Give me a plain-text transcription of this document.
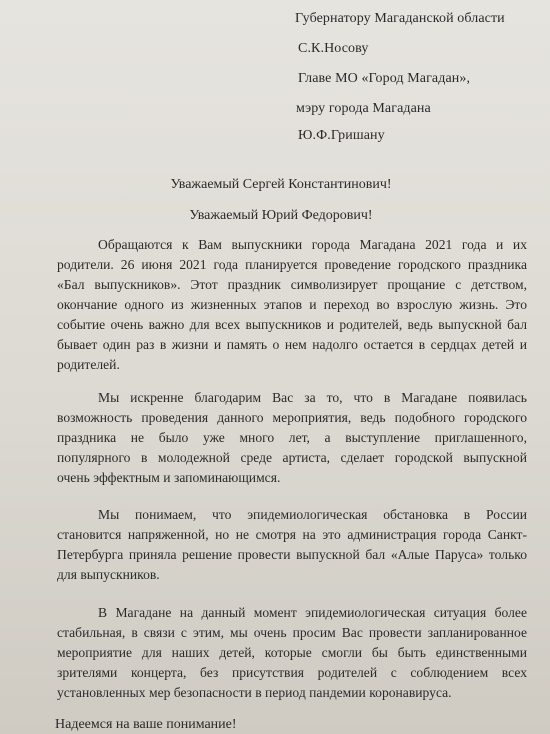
Губернатору Магаданской области
С.К.Носову
Главе МО «Город Магадан»,
мэру города Магадана
Ю.Ф.Гришану
Уважаемый Сергей Константинович!
Уважаемый Юрий Федорович!
Обращаются к Вам выпускники города Магадана 2021 года и их
родители. 26 июня 2021 года планируется проведение городского праздника
«Бал выпускников». Этот праздник символизирует прощание с детством,
окончание одного из жизненных этапов и переход во взрослую жизнь. Это
событие очень важно для всех выпускников и родителей, ведь выпускной бал
бывает один раз в жизни и память о нем надолго остается в сердцах детей и
родителей.
Мы искренне благодарим Вас за то, что в Магадане появилась
возможность проведения данного мероприятия, ведь подобного городского
праздника не было уже много лет, а выступление приглашенного,
популярного в молодежной среде артиста, сделает городской выпускной
очень эффектным и запоминающимся.
Мы понимаем, что эпидемиологическая обстановка в России
становится напряженной, но не смотря на это администрация города Санкт-
Петербурга приняла решение провести выпускной бал «Алые Паруса» только
для выпускников.
В Магадане на данный момент эпидемиологическая ситуация более
стабильная, в связи с этим, мы очень просим Вас провести запланированное
мероприятие для наших детей, которые смогли бы быть единственными
зрителями концерта, без присутствия родителей с соблюдением всех
установленных мер безопасности в период пандемии коронавируса.
Надеемся на ваше понимание!
